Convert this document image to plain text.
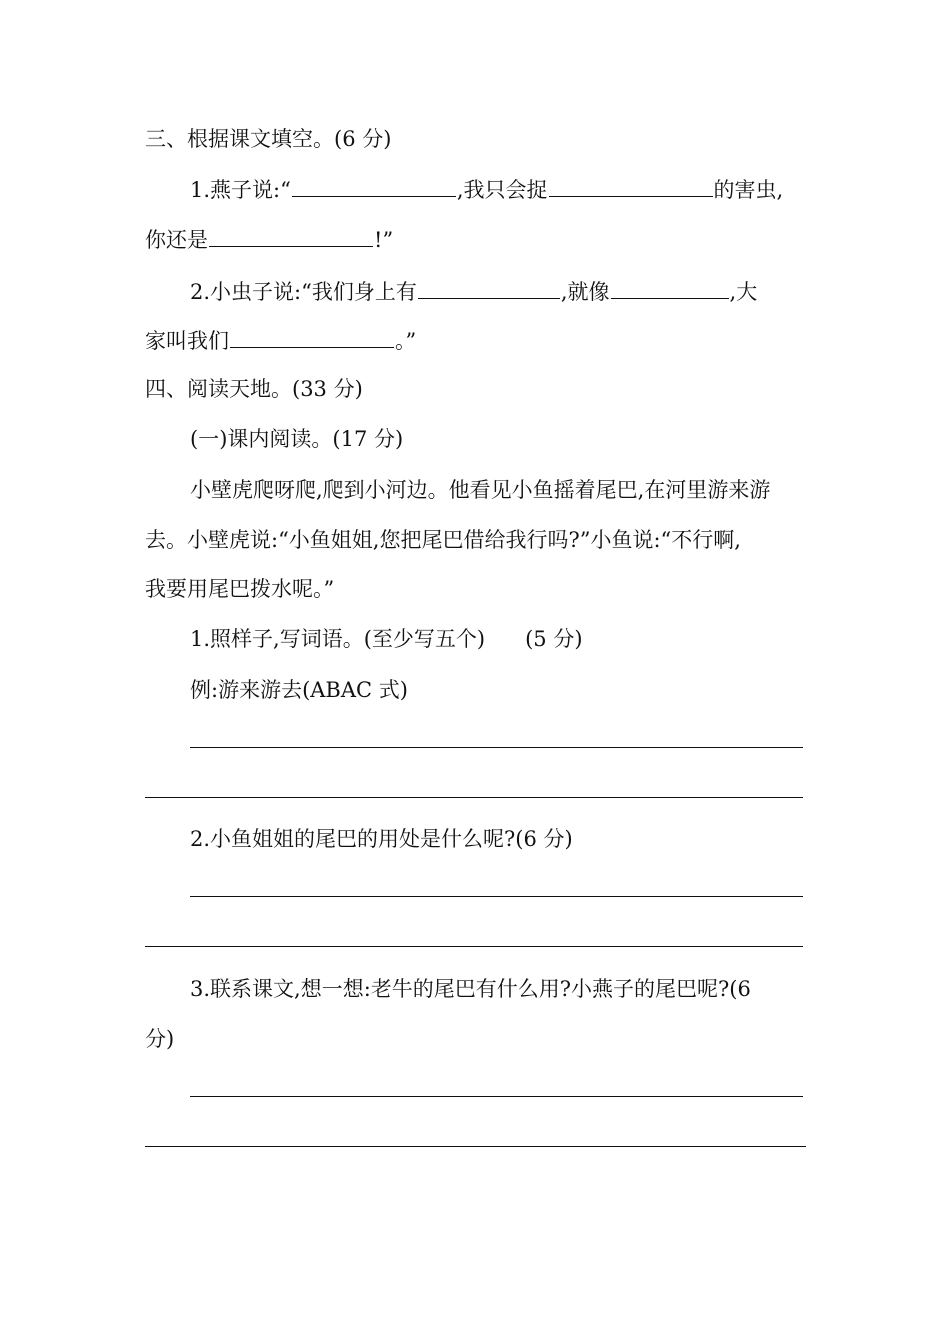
三、根据课文填空。(6 分)
1.燕子说:“	,我只会捉	的害虫,
你还是	!”
2.小虫子说:“我们身上有	,就像	,大
家叫我们	。”
四、阅读天地。(33 分)
(一)课内阅读。(17 分)
小壁虎爬呀爬,爬到小河边。他看见小鱼摇着尾巴,在河里游来游
去。小壁虎说:“小鱼姐姐,您把尾巴借给我行吗?”小鱼说:“不行啊,
我要用尾巴拨水呢。”
1.照样子,写词语。(至少写五个) (5 分)
例:游来游去(ABAC 式)
2.小鱼姐姐的尾巴的用处是什么呢?(6 分)
3.联系课文,想一想:老牛的尾巴有什么用?小燕子的尾巴呢?(6
分)
